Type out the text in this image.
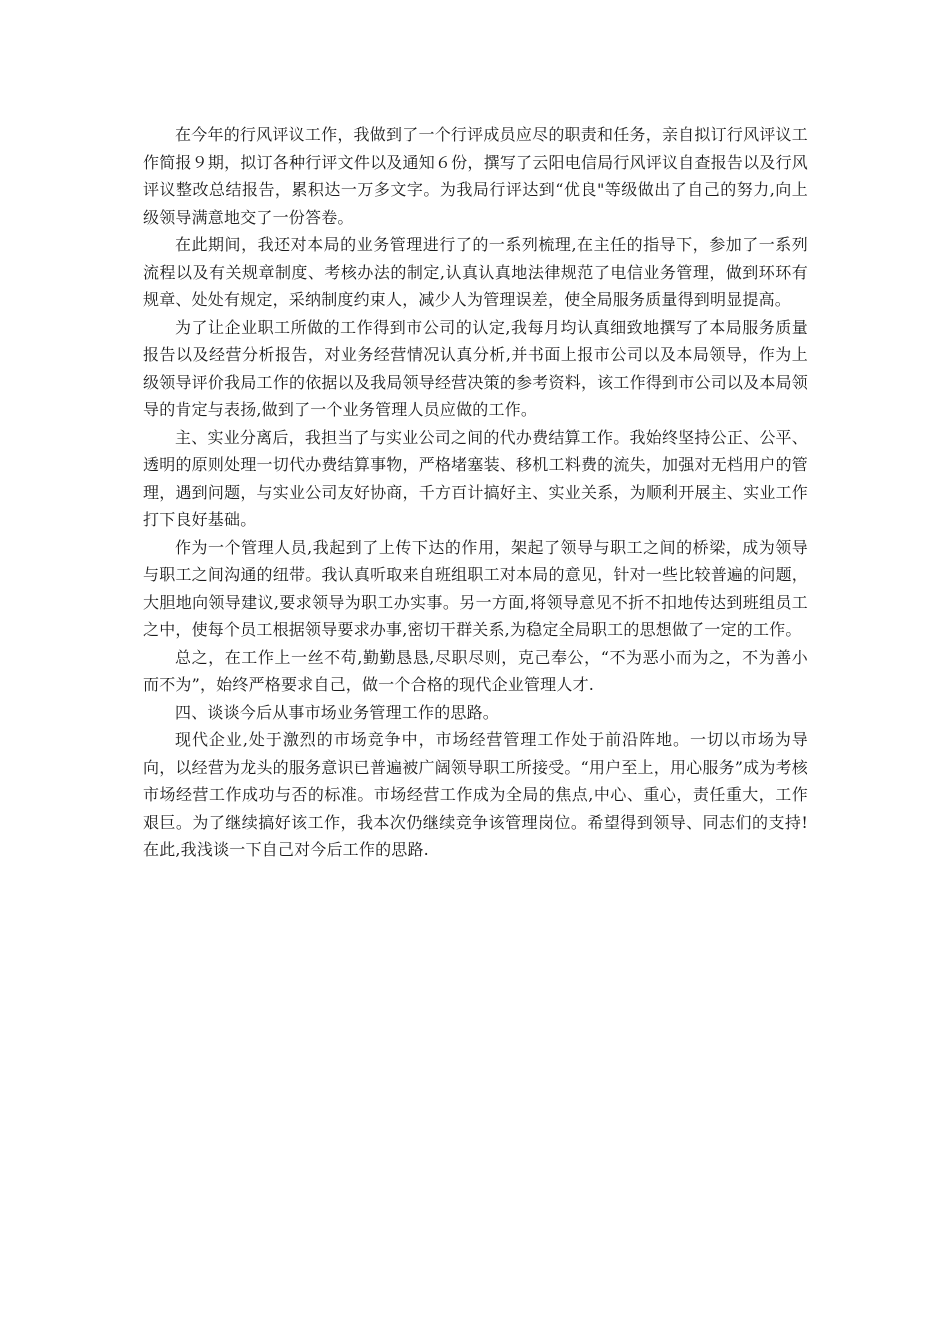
在今年的行风评议工作，我做到了一个行评成员应尽的职责和任务，亲自拟订行风评议工作简报９期，拟订各种行评文件以及通知６份，撰写了云阳电信局行风评议自查报告以及行风评议整改总结报告，累积达一万多文字。为我局行评达到“优良"等级做出了自己的努力,向上级领导满意地交了一份答卷。

在此期间，我还对本局的业务管理进行了的一系列梳理,在主任的指导下，参加了一系列流程以及有关规章制度、考核办法的制定,认真认真地法律规范了电信业务管理，做到环环有规章、处处有规定，采纳制度约束人，减少人为管理误差，使全局服务质量得到明显提高。

为了让企业职工所做的工作得到市公司的认定,我每月均认真细致地撰写了本局服务质量报告以及经营分析报告，对业务经营情况认真分析,并书面上报市公司以及本局领导，作为上级领导评价我局工作的依据以及我局领导经营决策的参考资料，该工作得到市公司以及本局领导的肯定与表扬,做到了一个业务管理人员应做的工作。

主、实业分离后，我担当了与实业公司之间的代办费结算工作。我始终坚持公正、公平、透明的原则处理一切代办费结算事物，严格堵塞装、移机工料费的流失，加强对无档用户的管理，遇到问题，与实业公司友好协商，千方百计搞好主、实业关系，为顺利开展主、实业工作打下良好基础。

作为一个管理人员,我起到了上传下达的作用，架起了领导与职工之间的桥梁，成为领导与职工之间沟通的纽带。我认真听取来自班组职工对本局的意见，针对一些比较普遍的问题，大胆地向领导建议,要求领导为职工办实事。另一方面,将领导意见不折不扣地传达到班组员工之中，使每个员工根据领导要求办事,密切干群关系,为稳定全局职工的思想做了一定的工作。

总之，在工作上一丝不苟,勤勤恳恳,尽职尽则，克己奉公，“不为恶小而为之，不为善小而不为”，始终严格要求自己，做一个合格的现代企业管理人才.

四、谈谈今后从事市场业务管理工作的思路。

现代企业,处于激烈的市场竞争中，市场经营管理工作处于前沿阵地。一切以市场为导向，以经营为龙头的服务意识已普遍被广阔领导职工所接受。“用户至上，用心服务”成为考核市场经营工作成功与否的标准。市场经营工作成为全局的焦点,中心、重心，责任重大，工作艰巨。为了继续搞好该工作，我本次仍继续竞争该管理岗位。希望得到领导、同志们的支持!在此,我浅谈一下自己对今后工作的思路.
